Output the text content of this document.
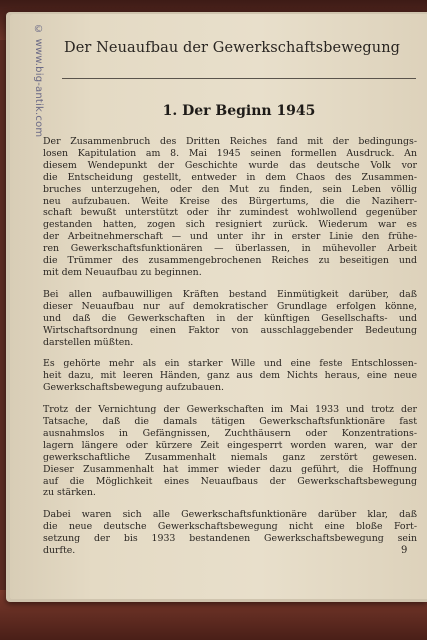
© www.big-antik.com Der Neuaufbau der Gewerkschaftsbewegung
1. Der Beginn 1945
Der Zusammenbruch des Dritten Reiches fand mit der bedingungs-
losen Kapitulation am 8. Mai 1945 seinen formellen Ausdruck. An
diesem Wendepunkt der Geschichte wurde das deutsche Volk vor
die Entscheidung gestellt, entweder in dem Chaos des Zusammen-
bruches unterzugehen, oder den Mut zu finden, sein Leben völlig
neu aufzubauen. Weite Kreise des Bürgertums, die die Naziherr-
schaft bewußt unterstützt oder ihr zumindest wohlwollend gegenüber
gestanden hatten, zogen sich resigniert zurück. Wiederum war es
der Arbeitnehmerschaft — und unter ihr in erster Linie den frühe-
ren Gewerkschaftsfunktionären — überlassen, in mühevoller Arbeit
die Trümmer des zusammengebrochenen Reiches zu beseitigen und
mit dem Neuaufbau zu beginnen.
Bei allen aufbauwilligen Kräften bestand Einmütigkeit darüber, daß
dieser Neuaufbau nur auf demokratischer Grundlage erfolgen könne,
und daß die Gewerkschaften in der künftigen Gesellschafts- und
Wirtschaftsordnung einen Faktor von ausschlaggebender Bedeutung
darstellen müßten.
Es gehörte mehr als ein starker Wille und eine feste Entschlossen-
heit dazu, mit leeren Händen, ganz aus dem Nichts heraus, eine neue
Gewerkschaftsbewegung aufzubauen.
Trotz der Vernichtung der Gewerkschaften im Mai 1933 und trotz der
Tatsache, daß die damals tätigen Gewerkschaftsfunktionäre fast
ausnahmslos in Gefängnissen, Zuchthäusern oder Konzentrations-
lagern längere oder kürzere Zeit eingesperrt worden waren, war der
gewerkschaftliche Zusammenhalt niemals ganz zerstört gewesen.
Dieser Zusammenhalt hat immer wieder dazu geführt, die Hoffnung
auf die Möglichkeit eines Neuaufbaus der Gewerkschaftsbewegung
zu stärken.
Dabei waren sich alle Gewerkschaftsfunktionäre darüber klar, daß
die neue deutsche Gewerkschaftsbewegung nicht eine bloße Fort-
setzung der bis 1933 bestandenen Gewerkschaftsbewegung sein
durfte.	9
